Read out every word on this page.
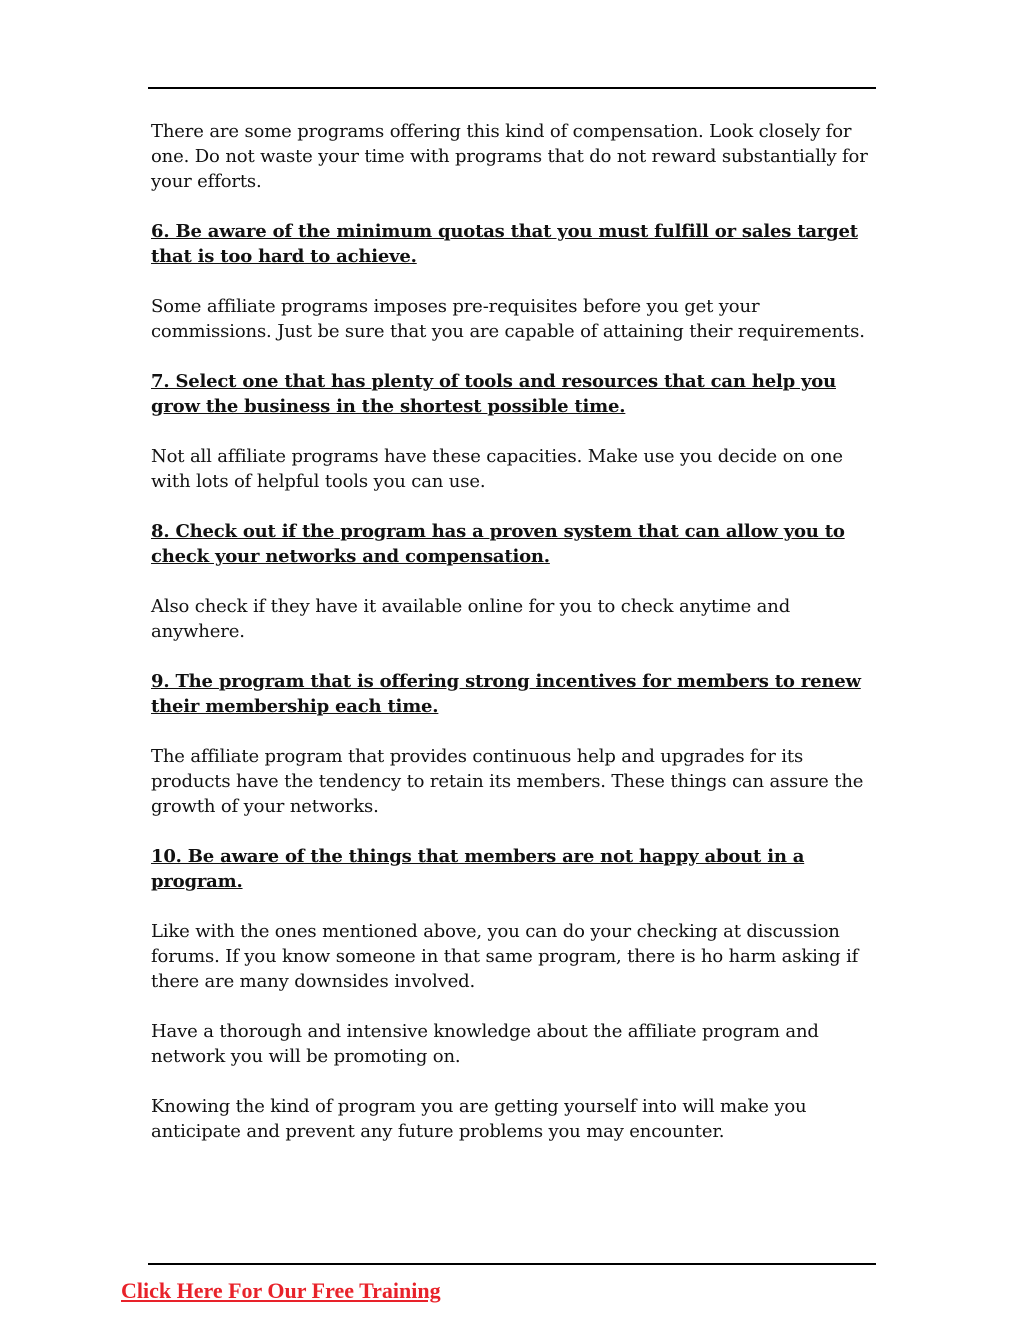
There are some programs offering this kind of compensation. Look closely for one. Do not waste your time with programs that do not reward substantially for your efforts.

6. Be aware of the minimum quotas that you must fulfill or sales target that is too hard to achieve.

Some affiliate programs imposes pre-requisites before you get your commissions. Just be sure that you are capable of attaining their requirements.

7. Select one that has plenty of tools and resources that can help you grow the business in the shortest possible time.

Not all affiliate programs have these capacities. Make use you decide on one with lots of helpful tools you can use.

8. Check out if the program has a proven system that can allow you to check your networks and compensation.

Also check if they have it available online for you to check anytime and anywhere.

9. The program that is offering strong incentives for members to renew their membership each time.

The affiliate program that provides continuous help and upgrades for its products have the tendency to retain its members. These things can assure the growth of your networks.

10. Be aware of the things that members are not happy about in a program.

Like with the ones mentioned above, you can do your checking at discussion forums. If you know someone in that same program, there is ho harm asking if there are many downsides involved.

Have a thorough and intensive knowledge about the affiliate program and network you will be promoting on.

Knowing the kind of program you are getting yourself into will make you anticipate and prevent any future problems you may encounter.

Click Here For Our Free Training
